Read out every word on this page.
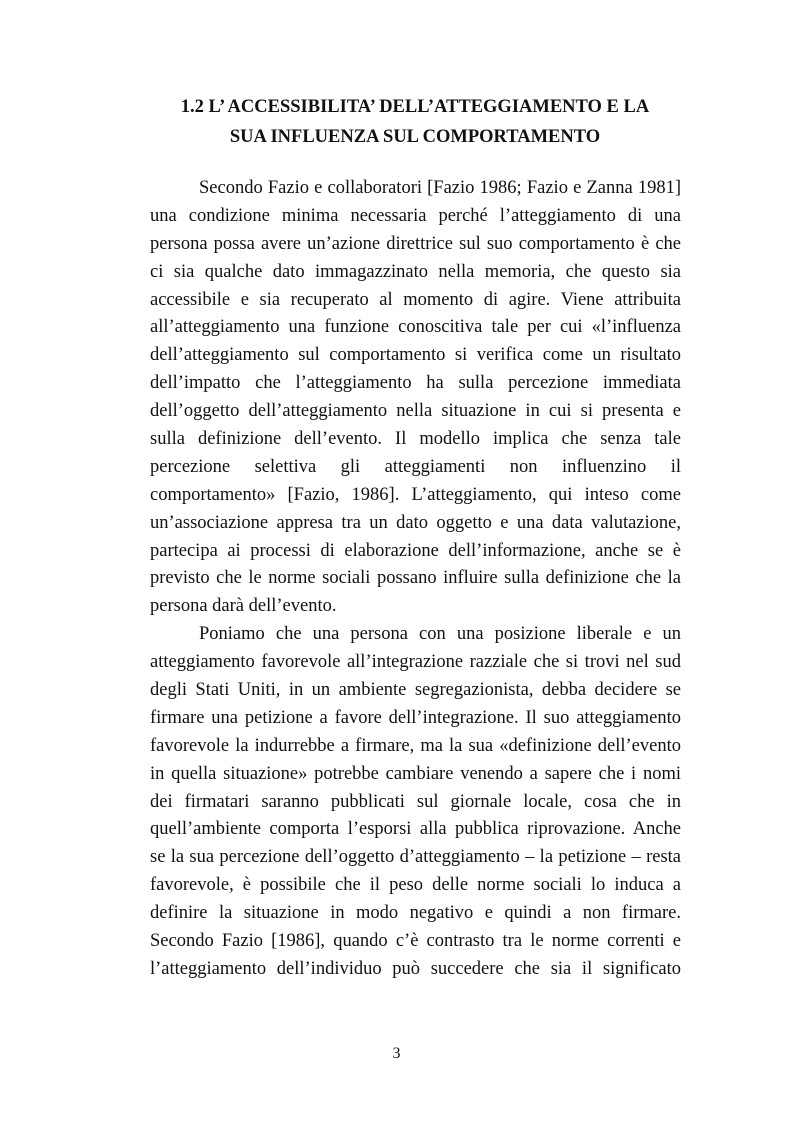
1.2 L’ ACCESSIBILITA’ DELL’ATTEGGIAMENTO E LA
SUA INFLUENZA SUL COMPORTAMENTO
Secondo Fazio e collaboratori [Fazio 1986; Fazio e Zanna 1981]
una condizione minima necessaria perché l’atteggiamento di una
persona possa avere un’azione direttrice sul suo comportamento è che
ci sia qualche dato immagazzinato nella memoria, che questo sia
accessibile e sia recuperato al momento di agire. Viene attribuita
all’atteggiamento una funzione conoscitiva tale per cui «l’influenza
dell’atteggiamento sul comportamento si verifica come un risultato
dell’impatto che l’atteggiamento ha sulla percezione immediata
dell’oggetto dell’atteggiamento nella situazione in cui si presenta e
sulla definizione dell’evento. Il modello implica che senza tale
percezione selettiva gli atteggiamenti non influenzino il
comportamento» [Fazio, 1986]. L’atteggiamento, qui inteso come
un’associazione appresa tra un dato oggetto e una data valutazione,
partecipa ai processi di elaborazione dell’informazione, anche se è
previsto che le norme sociali possano influire sulla definizione che la
persona darà dell’evento.
Poniamo che una persona con una posizione liberale e un
atteggiamento favorevole all’integrazione razziale che si trovi nel sud
degli Stati Uniti, in un ambiente segregazionista, debba decidere se
firmare una petizione a favore dell’integrazione. Il suo atteggiamento
favorevole la indurrebbe a firmare, ma la sua «definizione dell’evento
in quella situazione» potrebbe cambiare venendo a sapere che i nomi
dei firmatari saranno pubblicati sul giornale locale, cosa che in
quell’ambiente comporta l’esporsi alla pubblica riprovazione. Anche
se la sua percezione dell’oggetto d’atteggiamento – la petizione – resta
favorevole, è possibile che il peso delle norme sociali lo induca a
definire la situazione in modo negativo e quindi a non firmare.
Secondo Fazio [1986], quando c’è contrasto tra le norme correnti e
l’atteggiamento dell’individuo può succedere che sia il significato
3
